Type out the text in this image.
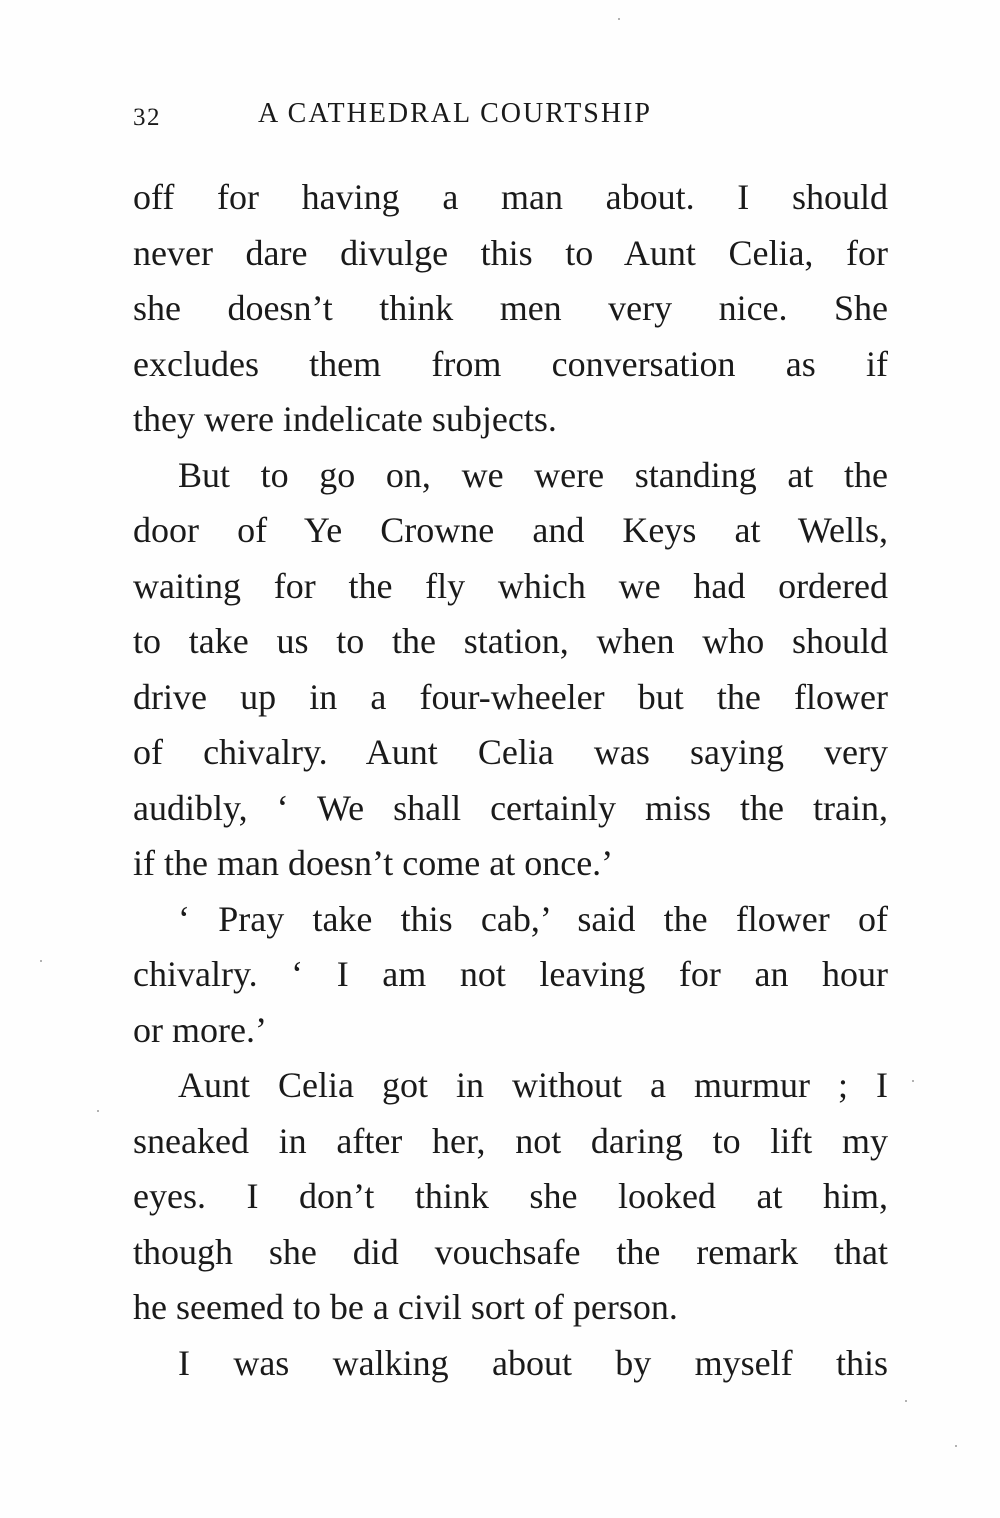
32	A CATHEDRAL COURTSHIP
off for having a man about. I should
never dare divulge this to Aunt Celia, for
she doesn’t think men very nice. She
excludes them from conversation as if
they were indelicate subjects.
But to go on, we were standing at the
door of Ye Crowne and Keys at Wells,
waiting for the fly which we had ordered
to take us to the station, when who should
drive up in a four-wheeler but the flower
of chivalry. Aunt Celia was saying very
audibly, ‘ We shall certainly miss the train,
if the man doesn’t come at once.’
‘ Pray take this cab,’ said the flower of
chivalry. ‘ I am not leaving for an hour
or more.’
Aunt Celia got in without a murmur ; I
sneaked in after her, not daring to lift my
eyes. I don’t think she looked at him,
though she did vouchsafe the remark that
he seemed to be a civil sort of person.
I was walking about by myself this
